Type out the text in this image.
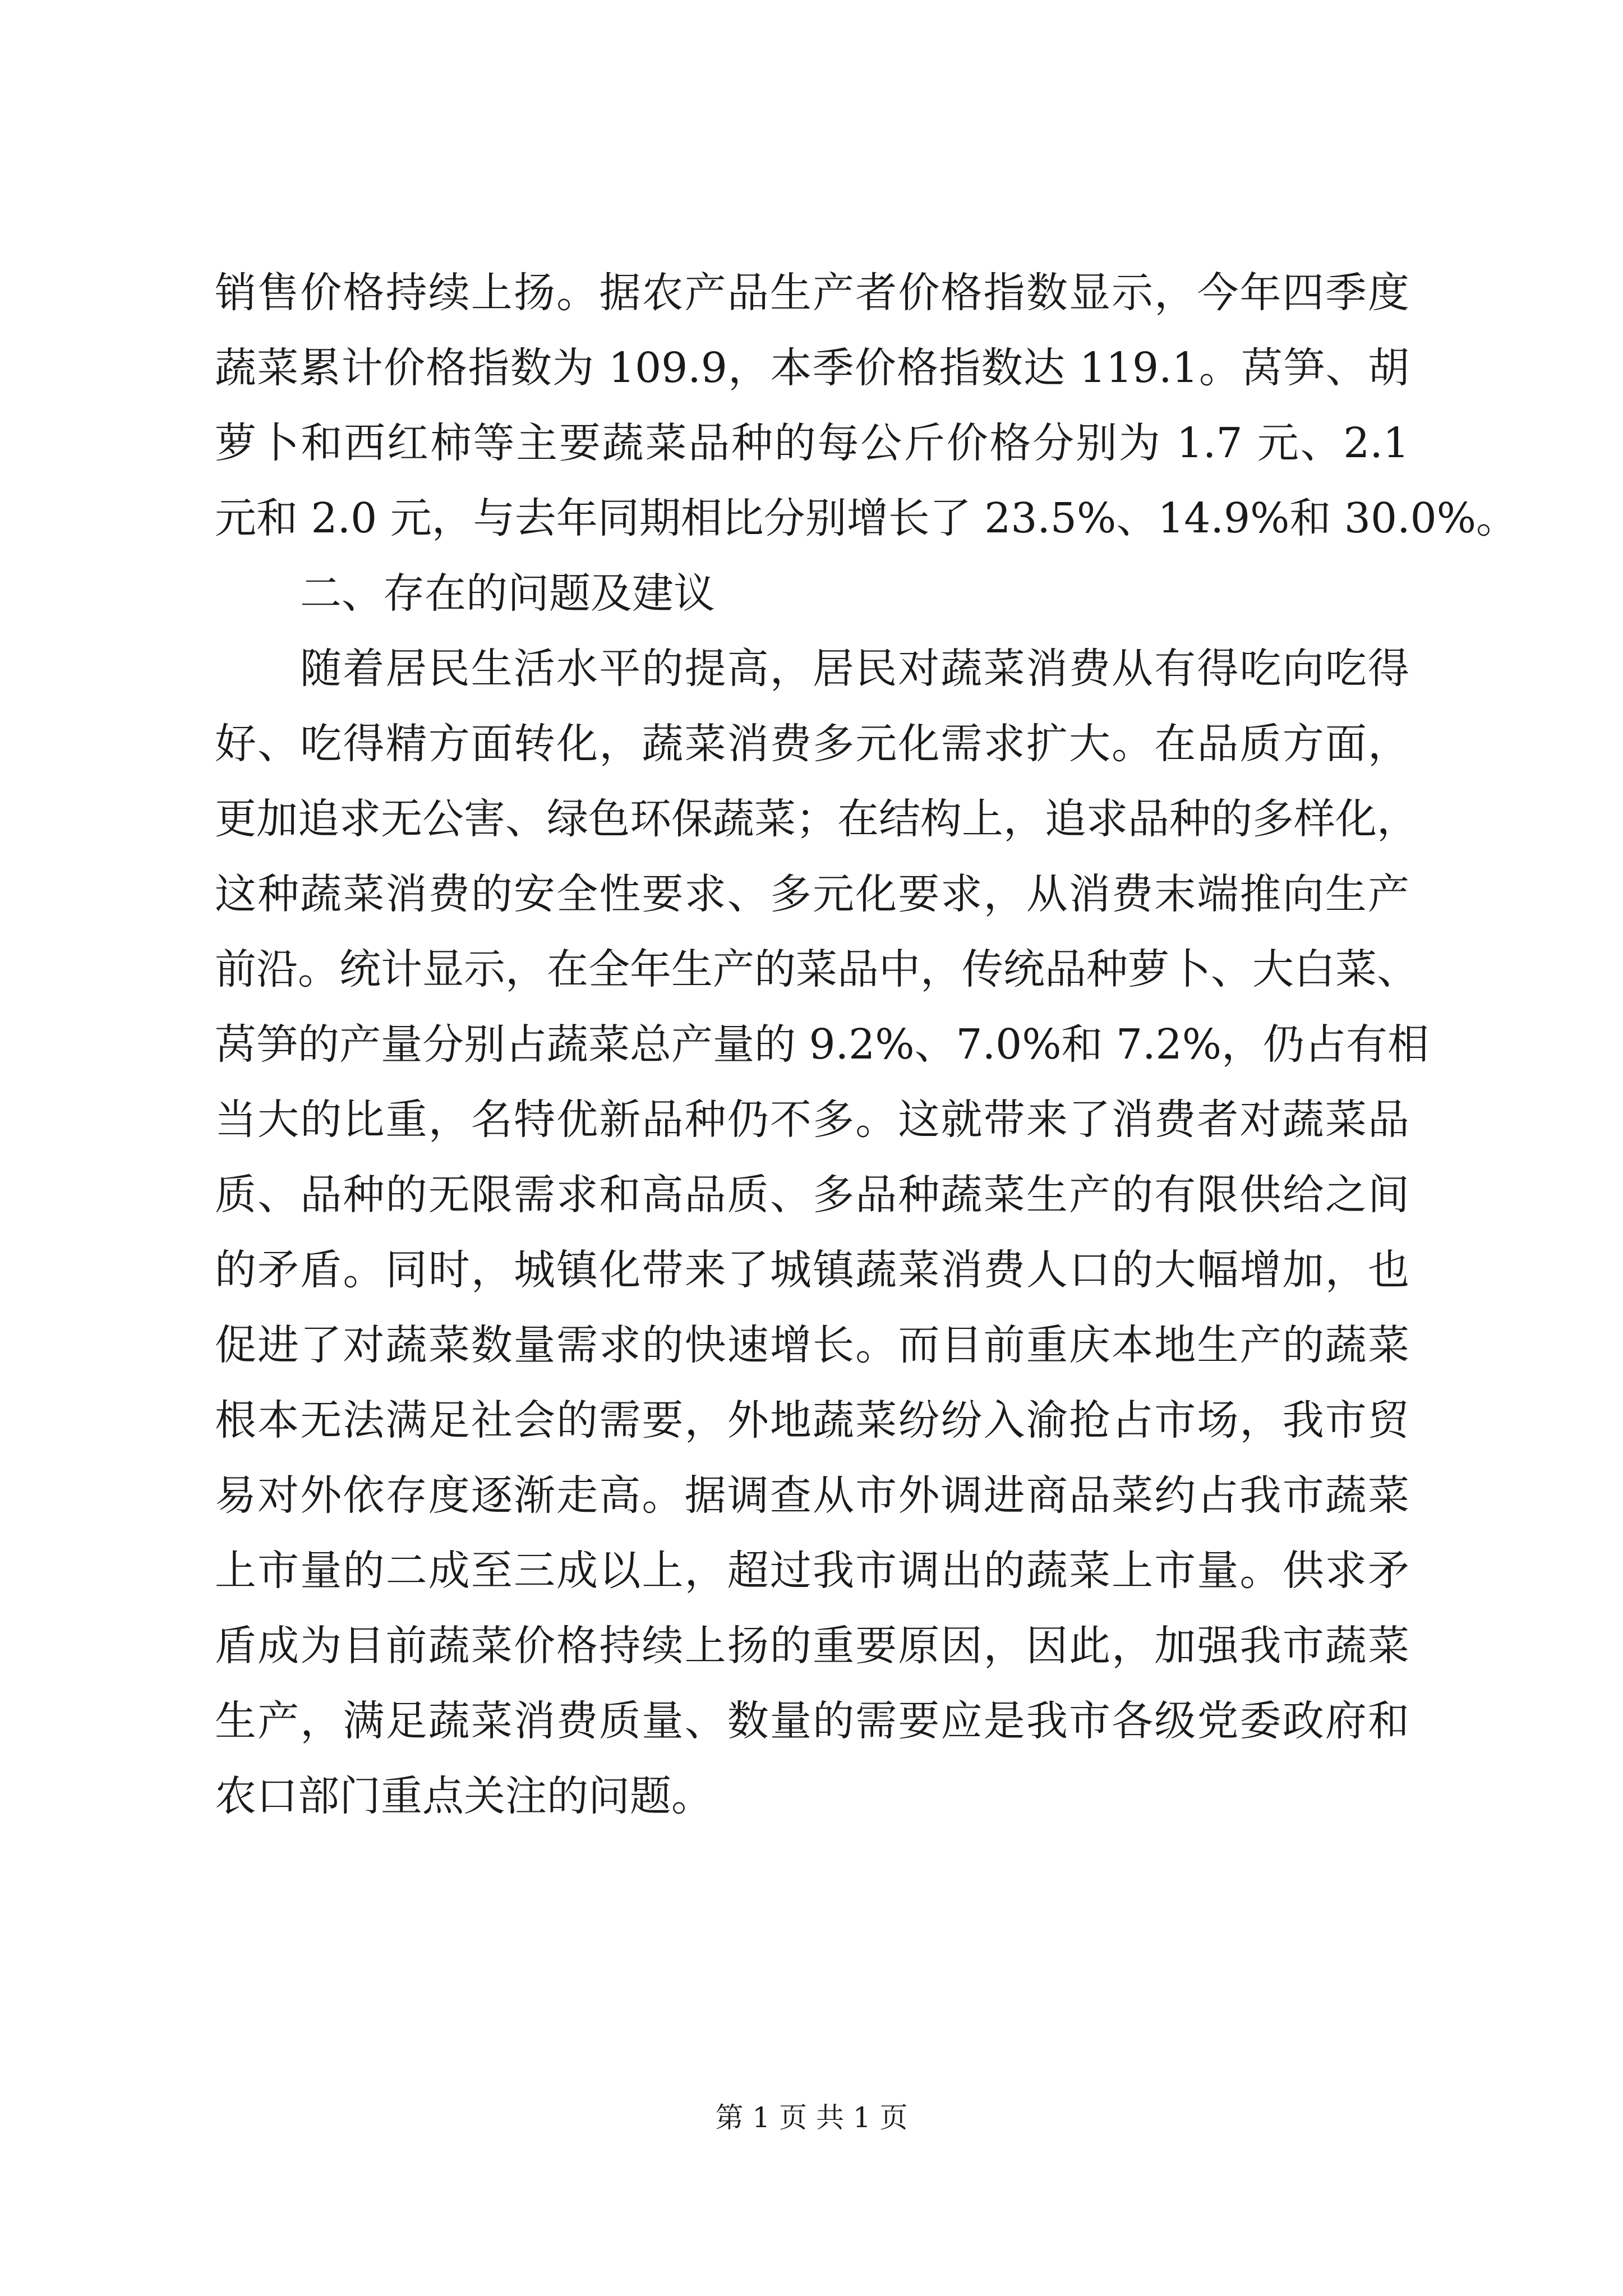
销售价格持续上扬。据农产品生产者价格指数显示，今年四季度
蔬菜累计价格指数为 109.9，本季价格指数达 119.1。莴笋、胡
萝卜和西红柿等主要蔬菜品种的每公斤价格分别为 1.7 元、2.1
元和 2.0 元，与去年同期相比分别增长了 23.5%、14.9%和 30.0%。
二、存在的问题及建议
随着居民生活水平的提高，居民对蔬菜消费从有得吃向吃得
好、吃得精方面转化，蔬菜消费多元化需求扩大。在品质方面，
更加追求无公害、绿色环保蔬菜；在结构上，追求品种的多样化，
这种蔬菜消费的安全性要求、多元化要求，从消费末端推向生产
前沿。统计显示，在全年生产的菜品中，传统品种萝卜、大白菜、
莴笋的产量分别占蔬菜总产量的 9.2%、7.0%和 7.2%，仍占有相
当大的比重，名特优新品种仍不多。这就带来了消费者对蔬菜品
质、品种的无限需求和高品质、多品种蔬菜生产的有限供给之间
的矛盾。同时，城镇化带来了城镇蔬菜消费人口的大幅增加，也
促进了对蔬菜数量需求的快速增长。而目前重庆本地生产的蔬菜
根本无法满足社会的需要，外地蔬菜纷纷入渝抢占市场，我市贸
易对外依存度逐渐走高。据调查从市外调进商品菜约占我市蔬菜
上市量的二成至三成以上，超过我市调出的蔬菜上市量。供求矛
盾成为目前蔬菜价格持续上扬的重要原因，因此，加强我市蔬菜
生产，满足蔬菜消费质量、数量的需要应是我市各级党委政府和
农口部门重点关注的问题。
第 1 页 共 1 页
